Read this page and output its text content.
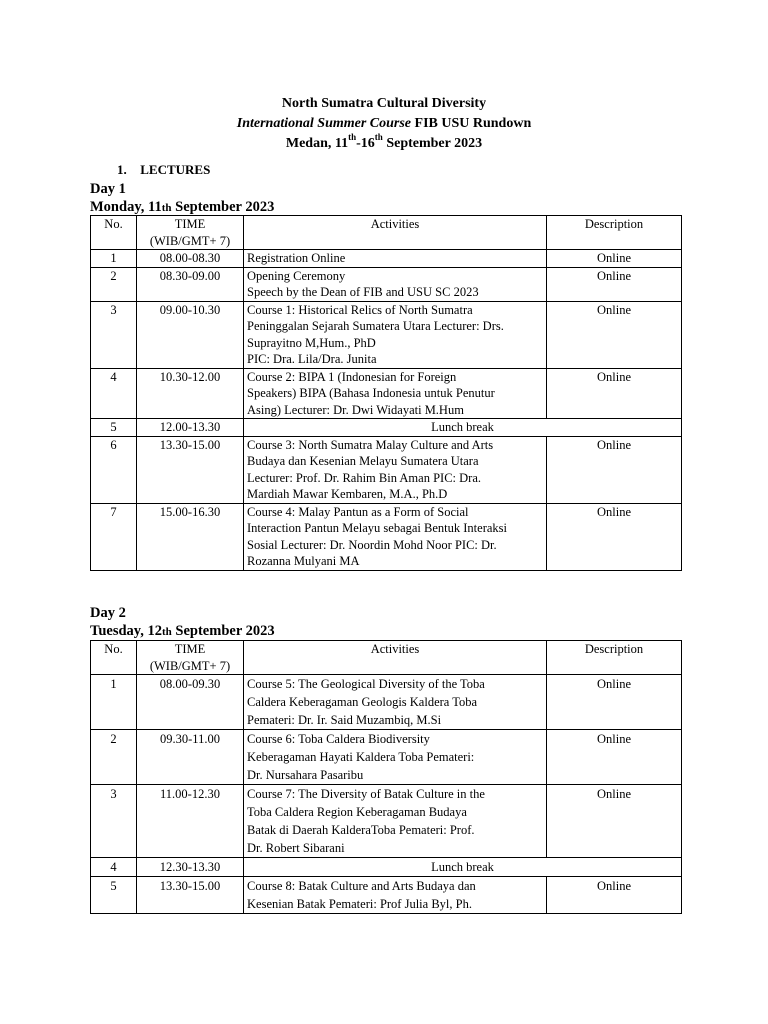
North Sumatra Cultural Diversity
International Summer Course FIB USU Rundown
Medan, 11th-16th September 2023
1. LECTURES
Day 1
Monday, 11th September 2023
No.	TIME (WIB/GMT+ 7)	Activities	Description
1	08.00-08.30	Registration Online	Online
2	08.30-09.00	Opening Ceremony
Speech by the Dean of FIB and USU SC 2023	Online
3	09.00-10.30	Course 1: Historical Relics of North Sumatra
Peninggalan Sejarah Sumatera Utara Lecturer: Drs.
Suprayitno M,Hum., PhD
PIC: Dra. Lila/Dra. Junita	Online
4	10.30-12.00	Course 2: BIPA 1 (Indonesian for Foreign
Speakers) BIPA (Bahasa Indonesia untuk Penutur
Asing) Lecturer: Dr. Dwi Widayati M.Hum	Online
5	12.00-13.30	Lunch break	
6	13.30-15.00	Course 3: North Sumatra Malay Culture and Arts
Budaya dan Kesenian Melayu Sumatera Utara
Lecturer: Prof. Dr. Rahim Bin Aman PIC: Dra.
Mardiah Mawar Kembaren, M.A., Ph.D	Online
7	15.00-16.30	Course 4: Malay Pantun as a Form of Social
Interaction Pantun Melayu sebagai Bentuk Interaksi
Sosial Lecturer: Dr. Noordin Mohd Noor PIC: Dr.
Rozanna Mulyani MA	Online
Day 2
Tuesday, 12th September 2023
No.	TIME (WIB/GMT+ 7)	Activities	Description
1	08.00-09.30	Course 5: The Geological Diversity of the Toba
Caldera Keberagaman Geologis Kaldera Toba
Pemateri: Dr. Ir. Said Muzambiq, M.Si	Online
2	09.30-11.00	Course 6: Toba Caldera Biodiversity
Keberagaman Hayati Kaldera Toba Pemateri:
Dr. Nursahara Pasaribu	Online
3	11.00-12.30	Course 7: The Diversity of Batak Culture in the
Toba Caldera Region Keberagaman Budaya
Batak di Daerah KalderaToba Pemateri: Prof.
Dr. Robert Sibarani	Online
4	12.30-13.30	Lunch break	
5	13.30-15.00	Course 8: Batak Culture and Arts Budaya dan
Kesenian Batak Pemateri: Prof Julia Byl, Ph.	Online
